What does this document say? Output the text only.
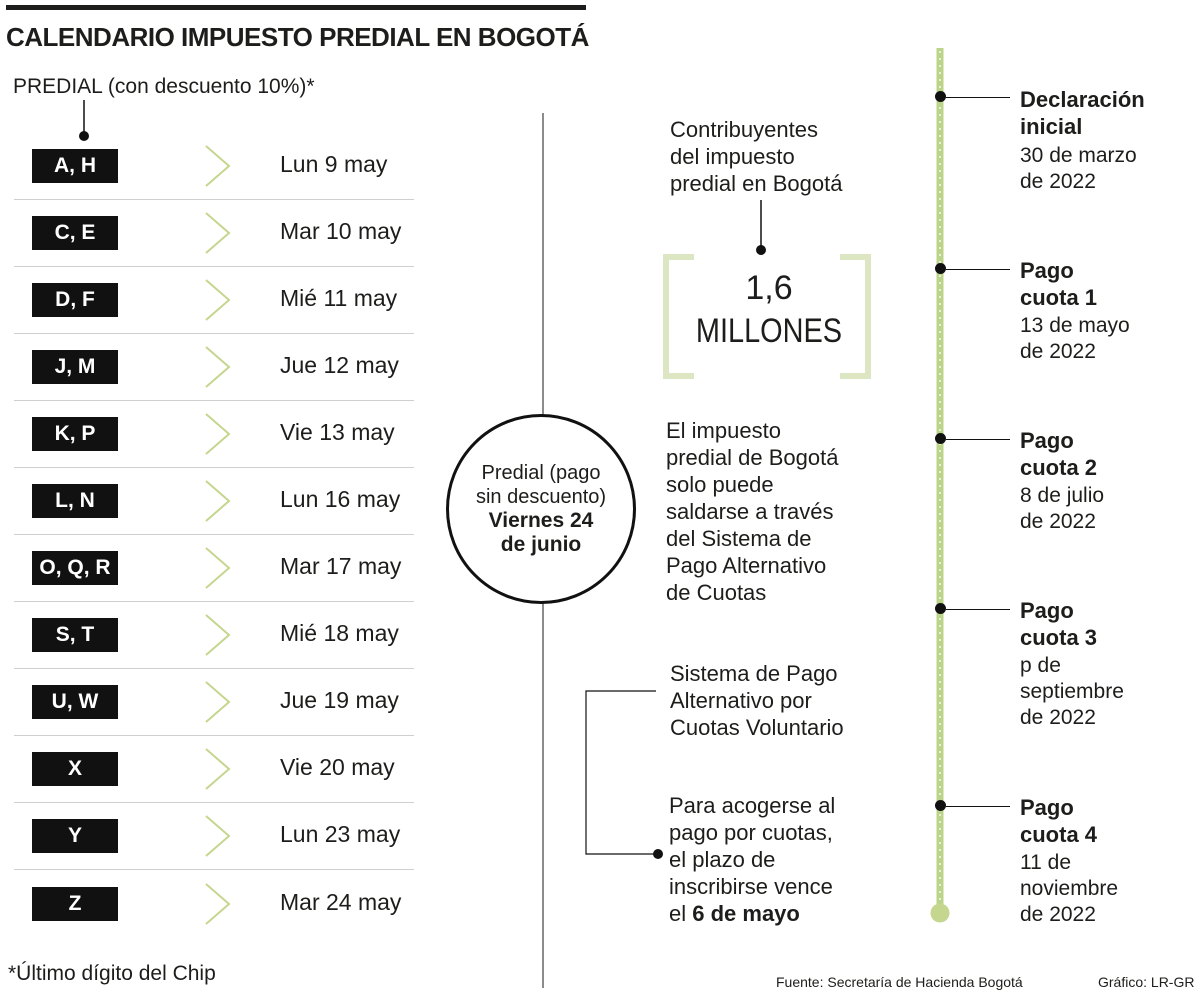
CALENDARIO IMPUESTO PREDIAL EN BOGOTÁ
PREDIAL (con descuento 10%)*
A, H	Lun 9 may
C, E	Mar 10 may
D, F	Mié 11 may
J, M	Jue 12 may
K, P	Vie 13 may
L, N	Lun 16 may
O, Q, R	Mar 17 may
S, T	Mié 18 may
U, W	Jue 19 may
X	Vie 20 may
Y	Lun 23 may
Z	Mar 24 may
*Último dígito del Chip
Predial (pago
sin descuento)
Viernes 24
de junio
Contribuyentes
del impuesto
predial en Bogotá
1,6
MILLONES
El impuesto
predial de Bogotá
solo puede
saldarse a través
del Sistema de
Pago Alternativo
de Cuotas
Sistema de Pago
Alternativo por
Cuotas Voluntario
Para acogerse al
pago por cuotas,
el plazo de
inscribirse vence
el 6 de mayo
Declaración
inicial
30 de marzo
de 2022
Pago
cuota 1
13 de mayo
de 2022
Pago
cuota 2
8 de julio
de 2022
Pago
cuota 3
p de
septiembre
de 2022
Pago
cuota 4
11 de
noviembre
de 2022
Fuente: Secretaría de Hacienda Bogotá	Gráfico: LR-GR
